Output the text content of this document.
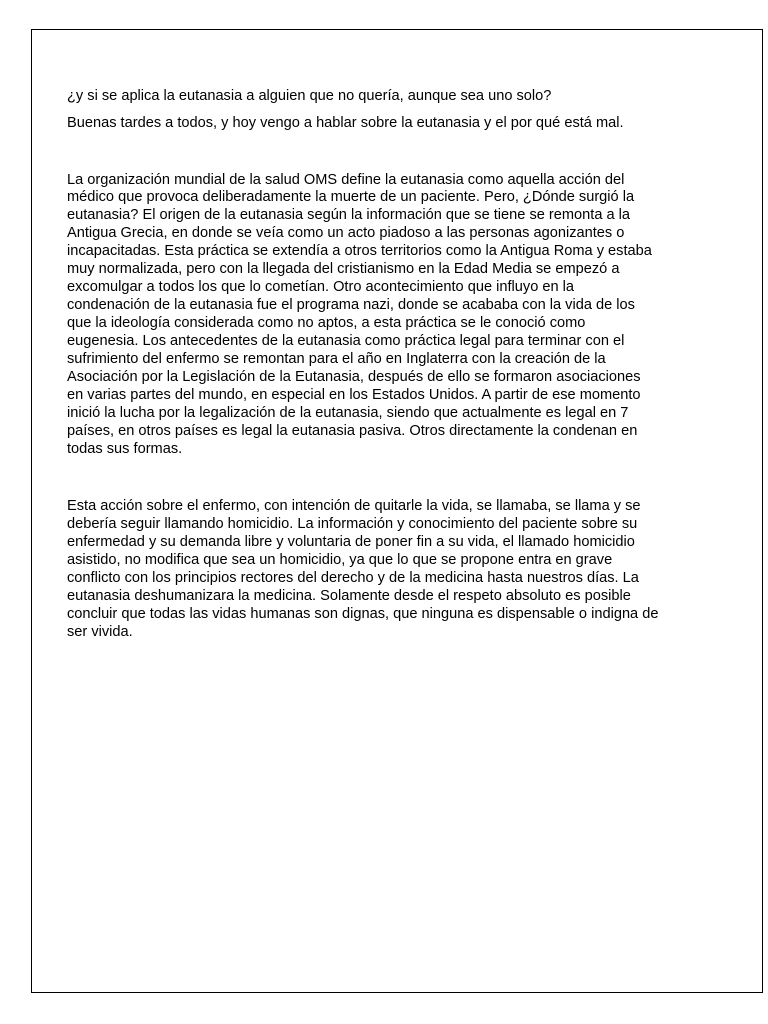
¿y si se aplica la eutanasia a alguien que no quería, aunque sea uno solo?

Buenas tardes a todos, y hoy vengo a hablar sobre la eutanasia y el por qué está mal.

La organización mundial de la salud OMS define la eutanasia como aquella acción del

médico que provoca deliberadamente la muerte de un paciente. Pero, ¿Dónde surgió la

eutanasia? El origen de la eutanasia según la información que se tiene se remonta a la

Antigua Grecia, en donde se veía como un acto piadoso a las personas agonizantes o

incapacitadas. Esta práctica se extendía a otros territorios como la Antigua Roma y estaba

muy normalizada, pero con la llegada del cristianismo en la Edad Media se empezó a

excomulgar a todos los que lo cometían. Otro acontecimiento que influyo en la

condenación de la eutanasia fue el programa nazi, donde se acababa con la vida de los

que la ideología considerada como no aptos, a esta práctica se le conoció como

eugenesia. Los antecedentes de la eutanasia como práctica legal para terminar con el

sufrimiento del enfermo se remontan para el año en Inglaterra con la creación de la

Asociación por la Legislación de la Eutanasia, después de ello se formaron asociaciones

en varias partes del mundo, en especial en los Estados Unidos. A partir de ese momento

inició la lucha por la legalización de la eutanasia, siendo que actualmente es legal en 7

países, en otros países es legal la eutanasia pasiva. Otros directamente la condenan en

todas sus formas.

Esta acción sobre el enfermo, con intención de quitarle la vida, se llamaba, se llama y se

debería seguir llamando homicidio. La información y conocimiento del paciente sobre su

enfermedad y su demanda libre y voluntaria de poner fin a su vida, el llamado homicidio

asistido, no modifica que sea un homicidio, ya que lo que se propone entra en grave

conflicto con los principios rectores del derecho y de la medicina hasta nuestros días. La

eutanasia deshumanizara la medicina. Solamente desde el respeto absoluto es posible

concluir que todas las vidas humanas son dignas, que ninguna es dispensable o indigna de

ser vivida.
